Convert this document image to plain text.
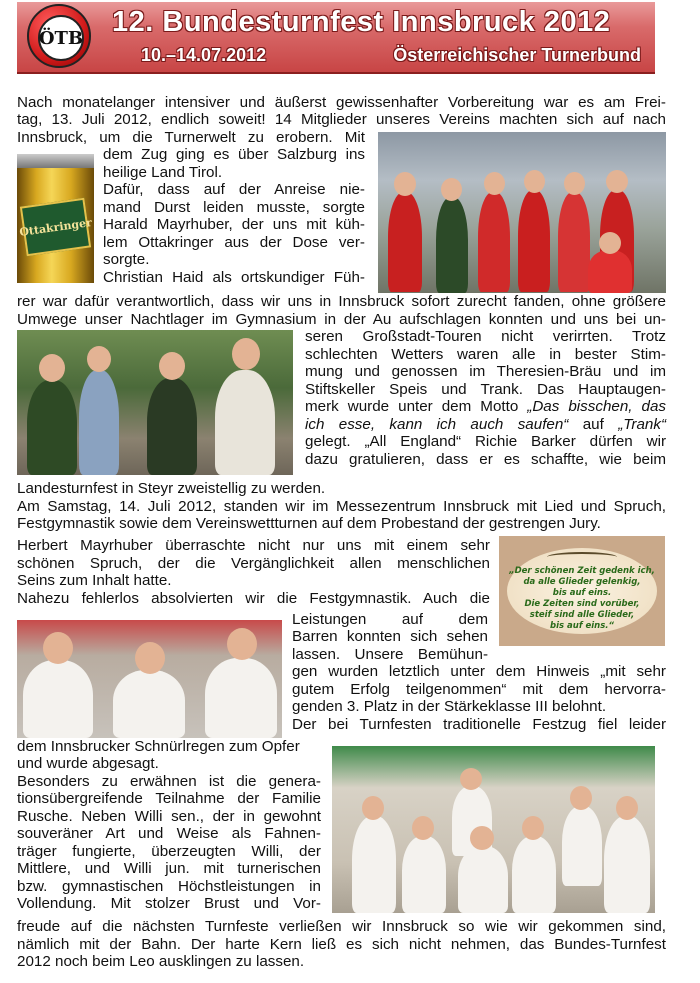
ÖTB 12. Bundesturnfest Innsbruck 2012
10.–14.07.2012	Österreichischer Turnerbund
Ottakringer
„Der schönen Zeit gedenk ich,
da alle Glieder gelenkig,
bis auf eins.
Die Zeiten sind vorüber,
steif sind alle Glieder,
bis auf eins.“
Nach monatelanger intensiver und äußerst gewissenhafter Vorbereitung war es am Frei-
tag, 13. Juli 2012, endlich soweit! 14 Mitglieder unseres Vereins machten sich auf nach
Innsbruck, um die Turnerwelt zu erobern. Mit
dem Zug ging es über Salzburg ins
heilige Land Tirol.
Dafür, dass auf der Anreise nie-
mand Durst leiden musste, sorgte
Harald Mayrhuber, der uns mit küh-
lem Ottakringer aus der Dose ver-
sorgte.
Christian Haid als ortskundiger Füh-
rer war dafür verantwortlich, dass wir uns in Innsbruck sofort zurecht fanden, ohne größere
Umwege unser Nachtlager im Gymnasium in der Au aufschlagen konnten und uns bei un-
seren Großstadt-Touren nicht verirrten. Trotz
schlechten Wetters waren alle in bester Stim-
mung und genossen im Theresien-Bräu und im
Stiftskeller Speis und Trank. Das Hauptaugen-
merk wurde unter dem Motto „Das bisschen, das
ich esse, kann ich auch saufen“ auf „Trank“
gelegt. „All England“ Richie Barker dürfen wir
dazu gratulieren, dass er es schaffte, wie beim
Landesturnfest in Steyr zweistellig zu werden.
Am Samstag, 14. Juli 2012, standen wir im Messezentrum Innsbruck mit Lied und Spruch,
Festgymnastik sowie dem Vereinswettturnen auf dem Probestand der gestrengen Jury.
Herbert Mayrhuber überraschte nicht nur uns mit einem sehr
schönen Spruch, der die Vergänglichkeit allen menschlichen
Seins zum Inhalt hatte.
Nahezu fehlerlos absolvierten wir die Festgymnastik. Auch die
Leistungen auf dem
Barren konnten sich sehen
lassen. Unsere Bemühun-
gen wurden letztlich unter dem Hinweis „mit sehr
gutem Erfolg teilgenommen“ mit dem hervorra-
genden 3. Platz in der Stärkeklasse III belohnt.
Der bei Turnfesten traditionelle Festzug fiel leider
dem Innsbrucker Schnürlregen zum Opfer
und wurde abgesagt.
Besonders zu erwähnen ist die genera-
tionsübergreifende Teilnahme der Familie
Rusche. Neben Willi sen., der in gewohnt
souveräner Art und Weise als Fahnen-
träger fungierte, überzeugten Willi, der
Mittlere, und Willi jun. mit turnerischen
bzw. gymnastischen Höchstleistungen in
Vollendung. Mit stolzer Brust und Vor-
freude auf die nächsten Turnfeste verließen wir Innsbruck so wie wir gekommen sind,
nämlich mit der Bahn. Der harte Kern ließ es sich nicht nehmen, das Bundes-Turnfest
2012 noch beim Leo ausklingen zu lassen.
